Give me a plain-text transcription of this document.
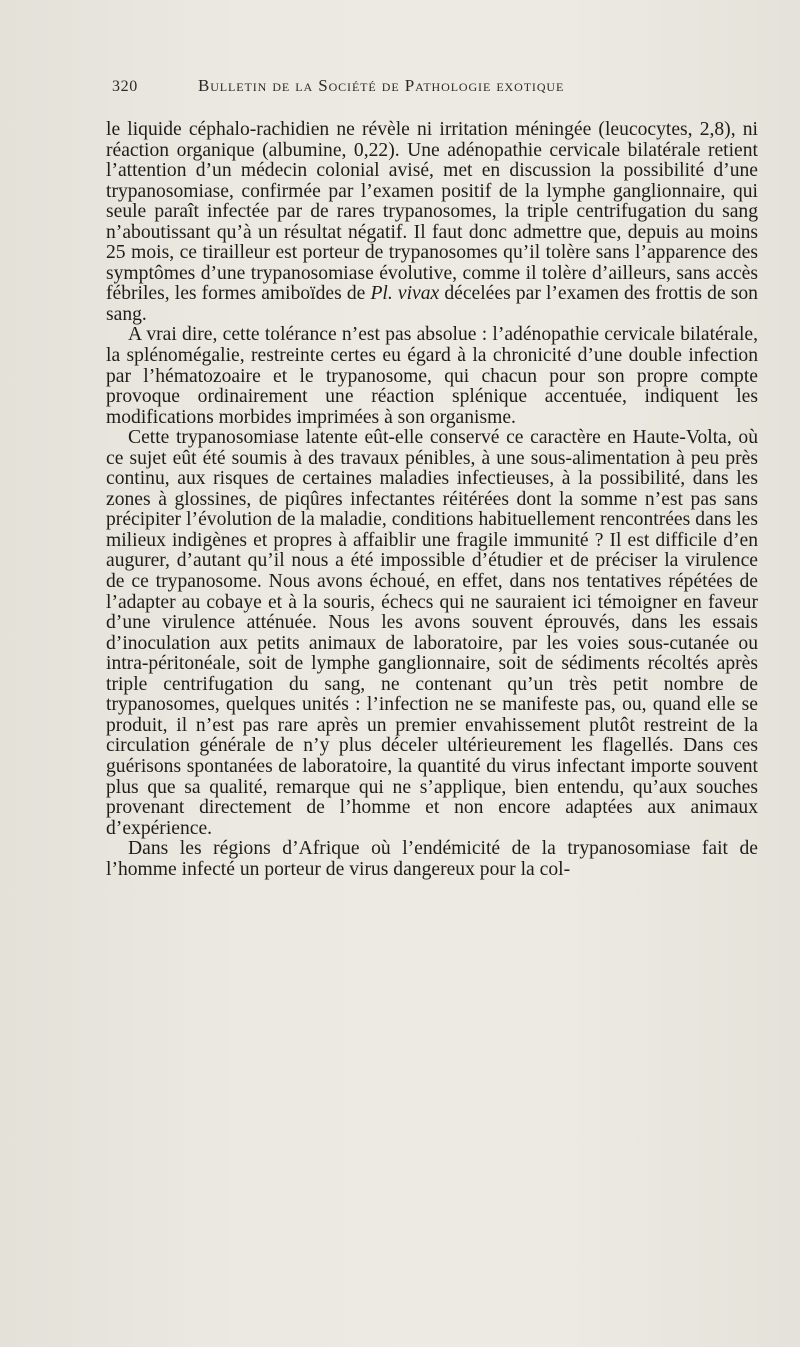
320	Bulletin de la Société de Pathologie exotique

le liquide céphalo-rachidien ne révèle ni irritation méningée (leucocytes, 2,8), ni réaction organique (albumine, 0,22). Une adénopathie cervicale bilatérale retient l’attention d’un médecin colonial avisé, met en discussion la possibilité d’une trypanosomiase, confirmée par l’examen positif de la lymphe ganglionnaire, qui seule paraît infectée par de rares trypanosomes, la triple centrifugation du sang n’aboutissant qu’à un résultat négatif. Il faut donc admettre que, depuis au moins 25 mois, ce tirailleur est porteur de trypanosomes qu’il tolère sans l’apparence des symptômes d’une trypanosomiase évolutive, comme il tolère d’ailleurs, sans accès fébriles, les formes amiboïdes de Pl. vivax décelées par l’examen des frottis de son sang.

A vrai dire, cette tolérance n’est pas absolue : l’adénopathie cervicale bilatérale, la splénomégalie, restreinte certes eu égard à la chronicité d’une double infection par l’hématozoaire et le trypanosome, qui chacun pour son propre compte provoque ordinairement une réaction splénique accentuée, indiquent les modifications morbides imprimées à son organisme.

Cette trypanosomiase latente eût-elle conservé ce caractère en Haute-Volta, où ce sujet eût été soumis à des travaux pénibles, à une sous-alimentation à peu près continu, aux risques de certaines maladies infectieuses, à la possibilité, dans les zones à glossines, de piqûres infectantes réitérées dont la somme n’est pas sans précipiter l’évolution de la maladie, conditions habituellement rencontrées dans les milieux indigènes et propres à affaiblir une fragile immunité ? Il est difficile d’en augurer, d’autant qu’il nous a été impossible d’étudier et de préciser la virulence de ce trypanosome. Nous avons échoué, en effet, dans nos tentatives répétées de l’adapter au cobaye et à la souris, échecs qui ne sauraient ici témoigner en faveur d’une virulence atténuée. Nous les avons souvent éprouvés, dans les essais d’inoculation aux petits animaux de laboratoire, par les voies sous-cutanée ou intra-péritonéale, soit de lymphe ganglionnaire, soit de sédiments récoltés après triple centrifugation du sang, ne contenant qu’un très petit nombre de trypanosomes, quelques unités : l’infection ne se manifeste pas, ou, quand elle se produit, il n’est pas rare après un premier envahissement plutôt restreint de la circulation générale de n’y plus déceler ultérieurement les flagellés. Dans ces guérisons spontanées de laboratoire, la quantité du virus infectant importe souvent plus que sa qualité, remarque qui ne s’applique, bien entendu, qu’aux souches provenant directement de l’homme et non encore adaptées aux animaux d’expérience.

Dans les régions d’Afrique où l’endémicité de la trypanosomiase fait de l’homme infecté un porteur de virus dangereux pour la col-
